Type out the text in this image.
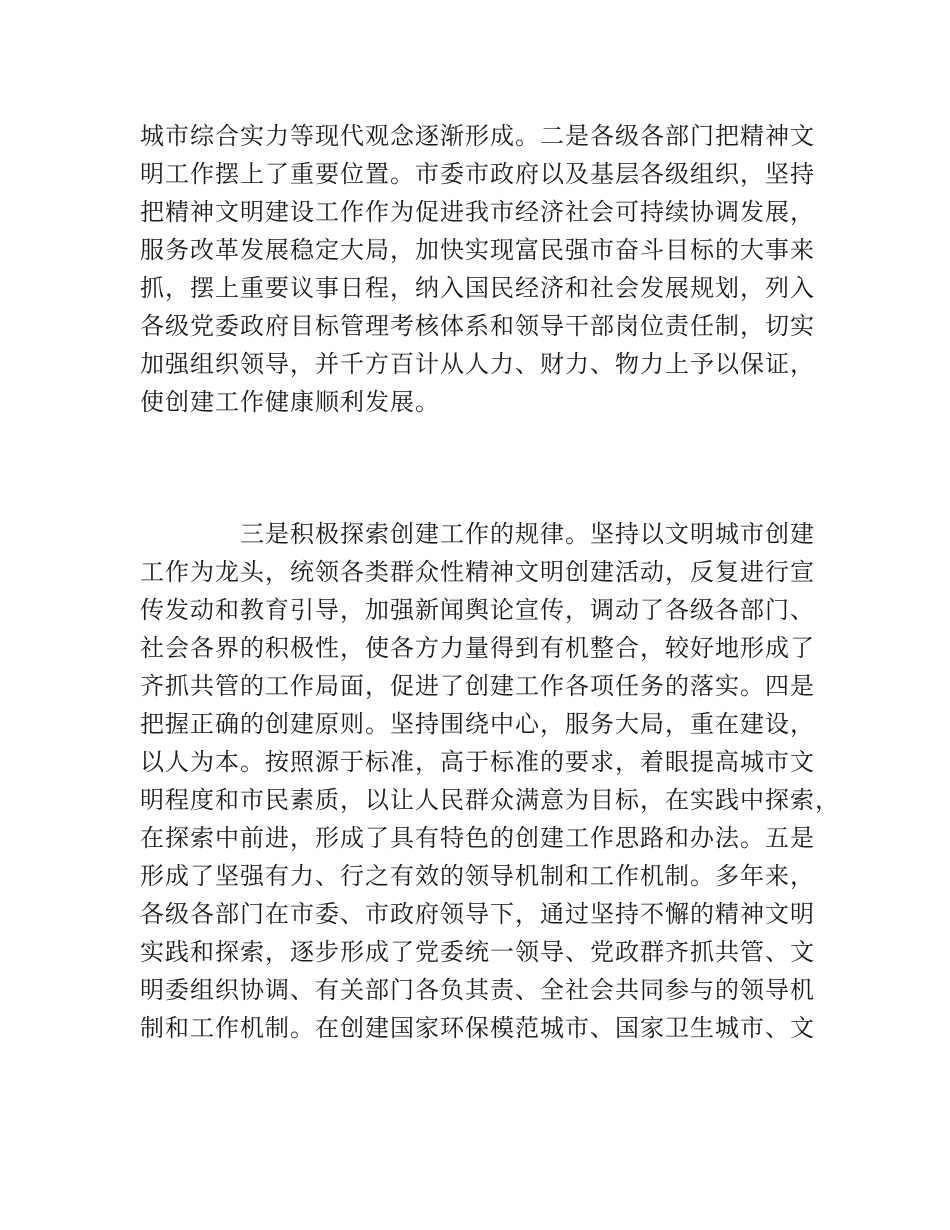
城市综合实力等现代观念逐渐形成。二是各级各部门把精神文
明工作摆上了重要位置。市委市政府以及基层各级组织，坚持
把精神文明建设工作作为促进我市经济社会可持续协调发展，
服务改革发展稳定大局，加快实现富民强市奋斗目标的大事来
抓，摆上重要议事日程，纳入国民经济和社会发展规划，列入
各级党委政府目标管理考核体系和领导干部岗位责任制，切实
加强组织领导，并千方百计从人力、财力、物力上予以保证，
使创建工作健康顺利发展。
三是积极探索创建工作的规律。坚持以文明城市创建
工作为龙头，统领各类群众性精神文明创建活动，反复进行宣
传发动和教育引导，加强新闻舆论宣传，调动了各级各部门、
社会各界的积极性，使各方力量得到有机整合，较好地形成了
齐抓共管的工作局面，促进了创建工作各项任务的落实。四是
把握正确的创建原则。坚持围绕中心，服务大局，重在建设，
以人为本。按照源于标准，高于标准的要求，着眼提高城市文
明程度和市民素质，以让人民群众满意为目标，在实践中探索，
在探索中前进，形成了具有特色的创建工作思路和办法。五是
形成了坚强有力、行之有效的领导机制和工作机制。多年来，
各级各部门在市委、市政府领导下，通过坚持不懈的精神文明
实践和探索，逐步形成了党委统一领导、党政群齐抓共管、文
明委组织协调、有关部门各负其责、全社会共同参与的领导机
制和工作机制。在创建国家环保模范城市、国家卫生城市、文
